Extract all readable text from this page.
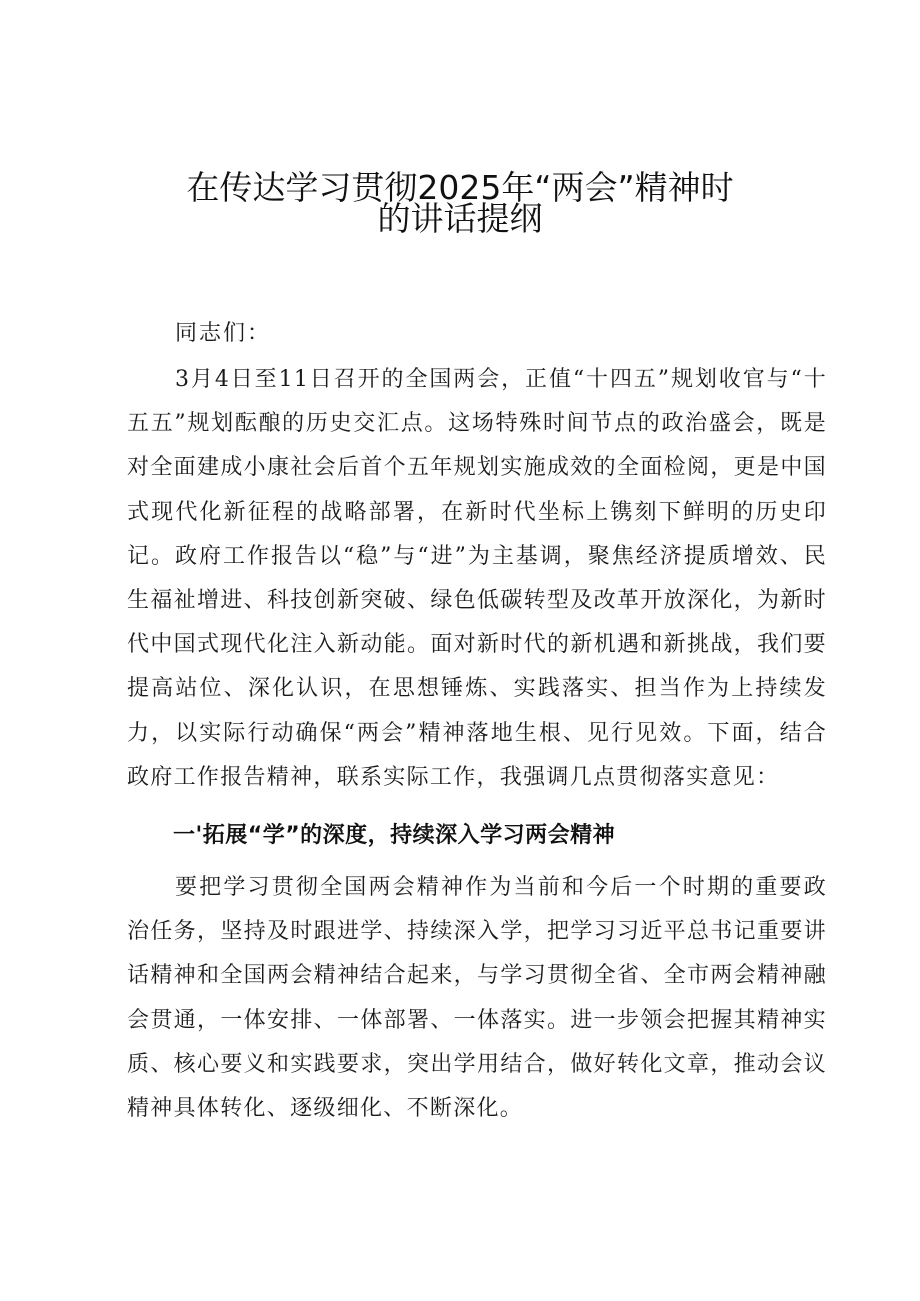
在传达学习贯彻2025年“两会”精神时
的讲话提纲
同志们：

3月4日至11日召开的全国两会，正值“十四五”规划收官与“十五五”规划酝酿的历史交汇点。这场特殊时间节点的政治盛会，既是对全面建成小康社会后首个五年规划实施成效的全面检阅，更是中国式现代化新征程的战略部署，在新时代坐标上镌刻下鲜明的历史印记。政府工作报告以“稳”与“进”为主基调，聚焦经济提质增效、民生福祉增进、科技创新突破、绿色低碳转型及改革开放深化，为新时代中国式现代化注入新动能。面对新时代的新机遇和新挑战，我们要提高站位、深化认识，在思想锤炼、实践落实、担当作为上持续发力，以实际行动确保“两会”精神落地生根、见行见效。下面，结合政府工作报告精神，联系实际工作，我强调几点贯彻落实意见：

一'拓展“学”的深度，持续深入学习两会精神

要把学习贯彻全国两会精神作为当前和今后一个时期的重要政治任务，坚持及时跟进学、持续深入学，把学习习近平总书记重要讲话精神和全国两会精神结合起来，与学习贯彻全省、全市两会精神融会贯通，一体安排、一体部署、一体落实。进一步领会把握其精神实质、核心要义和实践要求，突出学用结合，做好转化文章，推动会议精神具体转化、逐级细化、不断深化。
